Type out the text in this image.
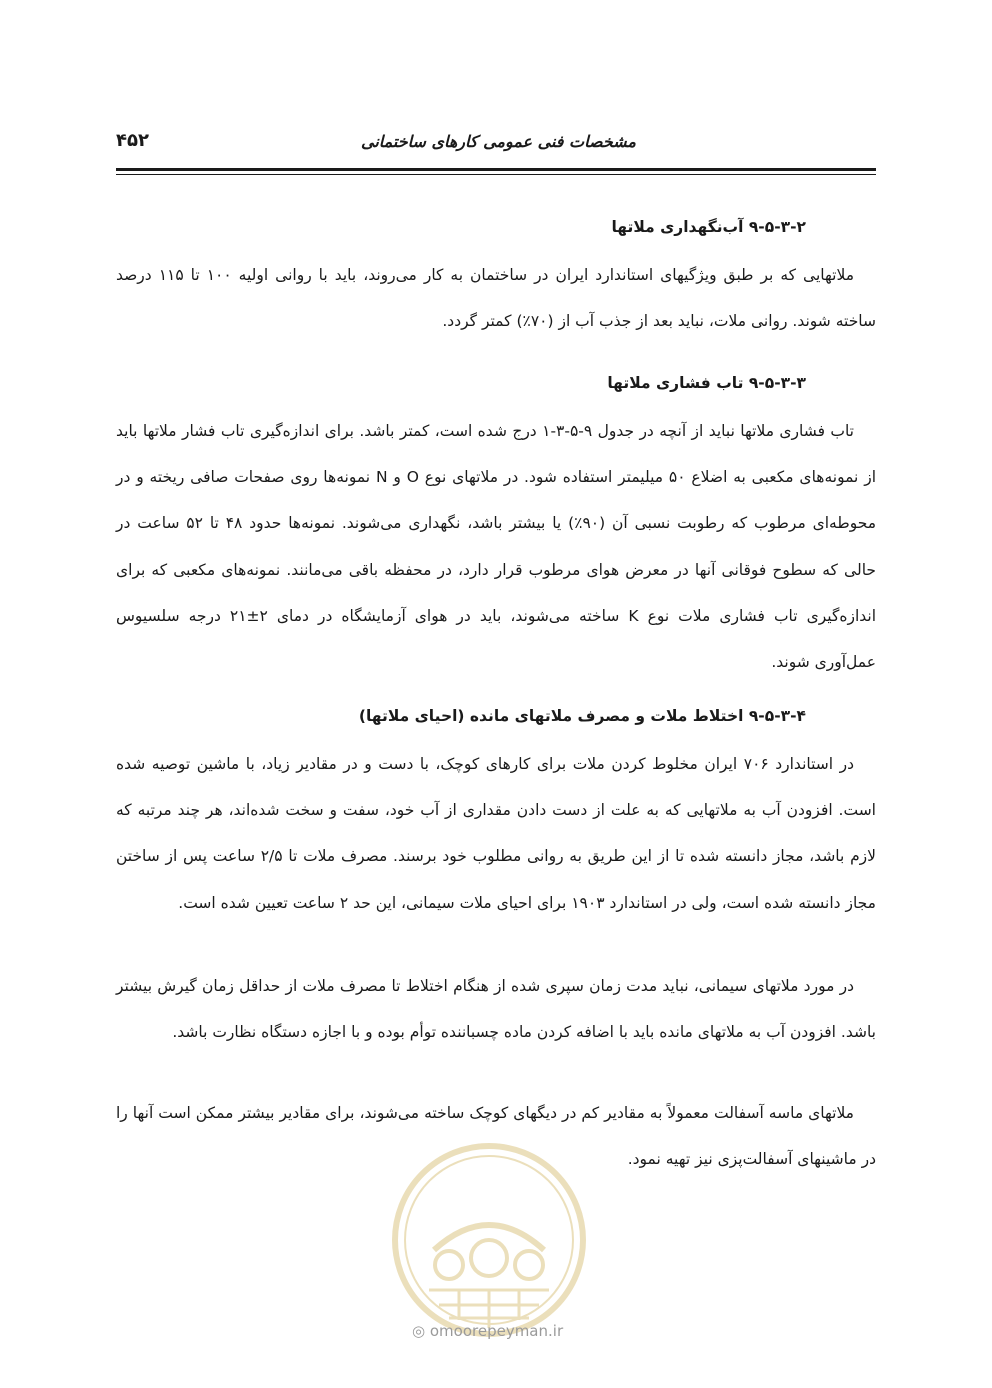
مشخصات فنی عمومی کارهای ساختمانی
۴۵۲
۹-۵-۳-۲ آب‌نگهداری ملاتها

ملاتهایی که بر طبق ویژگیهای استاندارد ایران در ساختمان به کار می‌روند، باید با روانی اولیه ۱۰۰ تا ۱۱۵ درصد ساخته شوند. روانی ملات، نباید بعد از جذب آب از (۷۰٪) کمتر گردد.

۹-۵-۳-۳ تاب فشاری ملاتها

تاب فشاری ملاتها نباید از آنچه در جدول ۹-۵-۳-۱ درج شده است، کمتر باشد. برای اندازه‌گیری تاب فشار ملاتها باید از نمونه‌های مکعبی به اضلاع ۵۰ میلیمتر استفاده شود. در ملاتهای نوع O و N نمونه‌ها روی صفحات صافی ریخته و در محوطه‌ای مرطوب که رطوبت نسبی آن (۹۰٪) یا بیشتر باشد، نگهداری می‌شوند. نمونه‌ها حدود ۴۸ تا ۵۲ ساعت در حالی که سطوح فوقانی آنها در معرض هوای مرطوب قرار دارد، در محفظه باقی می‌مانند. نمونه‌های مکعبی که برای اندازه‌گیری تاب فشاری ملات نوع K ساخته می‌شوند، باید در هوای آزمایشگاه در دمای ۲±۲۱ درجه سلسیوس عمل‌آوری شوند.

۹-۵-۳-۴ اختلاط ملات و مصرف ملاتهای مانده (احیای ملاتها)

در استاندارد ۷۰۶ ایران مخلوط کردن ملات برای کارهای کوچک، با دست و در مقادیر زیاد، با ماشین توصیه شده است. افزودن آب به ملاتهایی که به علت از دست دادن مقداری از آب خود، سفت و سخت شده‌اند، هر چند مرتبه که لازم باشد، مجاز دانسته شده تا از این طریق به روانی مطلوب خود برسند. مصرف ملات تا ۲/۵ ساعت پس از ساختن مجاز دانسته شده است، ولی در استاندارد ۱۹۰۳ برای احیای ملات سیمانی، این حد ۲ ساعت تعیین شده است.

در مورد ملاتهای سیمانی، نباید مدت زمان سپری شده از هنگام اختلاط تا مصرف ملات از حداقل زمان گیرش بیشتر باشد. افزودن آب به ملاتهای مانده باید با اضافه کردن ماده چسباننده توأم بوده و با اجازه دستگاه نظارت باشد.

ملاتهای ماسه آسفالت معمولاً به مقادیر کم در دیگهای کوچک ساخته می‌شوند، برای مقادیر بیشتر ممکن است آنها را در ماشینهای آسفالت‌پزی نیز تهیه نمود.

◎ omoorepeyman.ir
